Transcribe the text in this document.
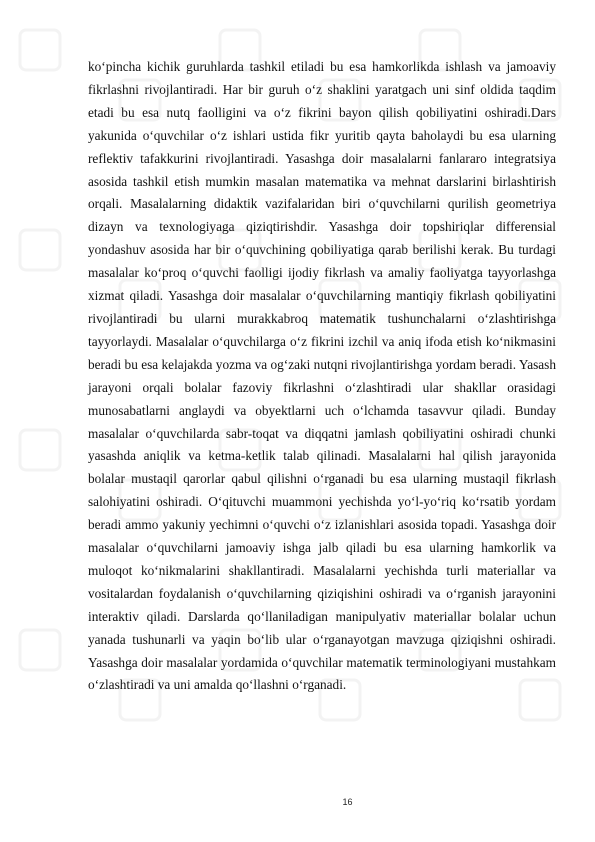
ko‘pincha kichik guruhlarda tashkil etiladi bu esa hamkorlikda ishlash va jamoaviy fikrlashni rivojlantiradi. Har bir guruh o‘z shaklini yaratgach uni sinf oldida taqdim etadi bu esa nutq faolligini va o‘z fikrini bayon qilish qobiliyatini oshiradi.Dars yakunida o‘quvchilar o‘z ishlari ustida fikr yuritib qayta baholaydi bu esa ularning reflektiv tafakkurini rivojlantiradi. Yasashga doir masalalarni fanlararo integratsiya asosida tashkil etish mumkin masalan matematika va mehnat darslarini birlashtirish orqali. Masalalarning didaktik vazifalaridan biri o‘quvchilarni qurilish geometriya dizayn va texnologiyaga qiziqtirishdir. Yasashga doir topshiriqlar differensial yondashuv asosida har bir o‘quvchining qobiliyatiga qarab berilishi kerak. Bu turdagi masalalar ko‘proq o‘quvchi faolligi ijodiy fikrlash va amaliy faoliyatga tayyorlashga xizmat qiladi. Yasashga doir masalalar o‘quvchilarning mantiqiy fikrlash qobiliyatini rivojlantiradi bu ularni murakkabroq matematik tushunchalarni o‘zlashtirishga tayyorlaydi. Masalalar o‘quvchilarga o‘z fikrini izchil va aniq ifoda etish ko‘nikmasini beradi bu esa kelajakda yozma va og‘zaki nutqni rivojlantirishga yordam beradi. Yasash jarayoni orqali bolalar fazoviy fikrlashni o‘zlashtiradi ular shakllar orasidagi munosabatlarni anglaydi va obyektlarni uch o‘lchamda tasavvur qiladi. Bunday masalalar o‘quvchilarda sabr-toqat va diqqatni jamlash qobiliyatini oshiradi chunki yasashda aniqlik va ketma-ketlik talab qilinadi. Masalalarni hal qilish jarayonida bolalar mustaqil qarorlar qabul qilishni o‘rganadi bu esa ularning mustaqil fikrlash salohiyatini oshiradi. O‘qituvchi muammoni yechishda yo‘l-yo‘riq ko‘rsatib yordam beradi ammo yakuniy yechimni o‘quvchi o‘z izlanishlari asosida topadi. Yasashga doir masalalar o‘quvchilarni jamoaviy ishga jalb qiladi bu esa ularning hamkorlik va muloqot ko‘nikmalarini shakllantiradi. Masalalarni yechishda turli materiallar va vositalardan foydalanish o‘quvchilarning qiziqishini oshiradi va o‘rganish jarayonini interaktiv qiladi. Darslarda qo‘llaniladigan manipulyativ materiallar bolalar uchun yanada tushunarli va yaqin bo‘lib ular o‘rganayotgan mavzuga qiziqishni oshiradi. Yasashga doir masalalar yordamida o‘quvchilar matematik terminologiyani mustahkam o‘zlashtiradi va uni amalda qo‘llashni o‘rganadi.

16
